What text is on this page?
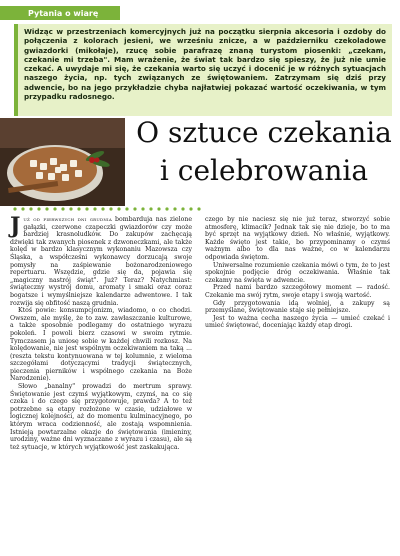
Pytania o wiarę

Widząc w przestrzeniach komercyjnych już na początku sierpnia akcesoria i ozdoby do połączenia z kolorach jesieni, we wrześniu znicze, a w październiku czekoladowe gwiazdorki (mikołaje), rzucę sobie parafrazę znaną turystom piosenki: „czekam, czekanie mi trzeba". Mam wrażenie, że świat tak bardzo się spieszy, że już nie umie czekać. A uwydaje mi się, że czekania warto się uczyć i docenić je w różnych sytuacjach naszego życia, np. tych związanych ze świętowaniem. Zatrzymam się dziś przy adwencie, bo na jego przykładzie chyba najłatwiej pokazać wartość oczekiwania, w tym przypadku radosnego.

O sztuce czekania
i celebrowania

Już od pierwszych dni grudnia bombarduja nas zielone gałązki, czerwone czapeczki gwiazdorów czy może bardziej krasnoludków. Do zakupów zachęcają dźwięki tak zwanych piosenek z dzwoneczkami, ale także kolęd w bardzo klasycznym wykonaniu Mazowsza czy Śląska, a współcześni wykonawcy dorzucają swoje pomysły na zaśpiewanie bożonarodzeniowego repertuaru. Wszędzie, gdzie się da, pojawia się „magiczny nastrój świąt". Już? Teraz? Natychmiast: świąteczny wystrój domu, aromaty i smaki oraz coraz bogatsze i wymyślniejsze kalendarze adwentowe. I tak rozwija się obfitość naszą grudnia.

Ktoś powie: konsumpcjonizm, wiadomo, o co chodzi. Owszem, ale myślę, że to zaw. zawłaszczanie kulturowe, a także sposobnie podlegamy do ostatniego wyrazu pokoleń. I powoli bierz czasowi w swoim rytmie. Tymczasem ja uniosę sobie w każdej chwili rozkosz. Na kolędowanie, nie jest wspólnym oczekiwaniem na taką ... (reszta tekstu kontynuowana w tej kolumnie, z wieloma szczegółami dotyczącymi tradycji świątecznych, pieczenia pierników i wspólnego czekania na Boże Narodzenie).

Słowo „banalny" prowadzi do mertrum sprawy. Świętowanie jest czymś wyjątkowym, czymś, na co się czeka i do czego się przygotowuje, prawda? A to też potrzebne są etapy rozłożone w czasie, udziałowe w logicznej kolejności, aż do momentu kulminacyjnego, po którym wraca codzienność, ale zostają wspomnienia. Istnieją powtarzalne okazje do świętowania (imieniny, urodziny, ważne dni wyznaczane z wyrazu i czasu), ale są też sytuacje, w których wyjątkowość jest zaskakująca.

czego by nie naciesz się nie już teraz, stworzyć sobie atmosferę, klimacik? Jednak tak się nie dzieje, bo to ma być sprzęt na wyjątkowy dzień. No właśnie, wyjątkowy. Każde święto jest takie, bo przypominamy o czymś ważnym albo to dla nas ważne, co w kalendarzu odpowiada świętom.

Uniwersalne rozumienie czekania mówi o tym, że to jest spokojnie podjęcie dróg oczekiwania. Właśnie tak czekamy na święta w adwencie.

Przed nami bardzo szczegółowy moment — radość. Czekanie ma swój rytm, swoje etapy i swoją wartość.

Gdy przygotowania idą wolniej, a zakupy są przemyślane, świętowanie staje się pełniejsze.

Jest to ważna cecha naszego życia — umieć czekać i umieć świętować, doceniając każdy etap drogi.
